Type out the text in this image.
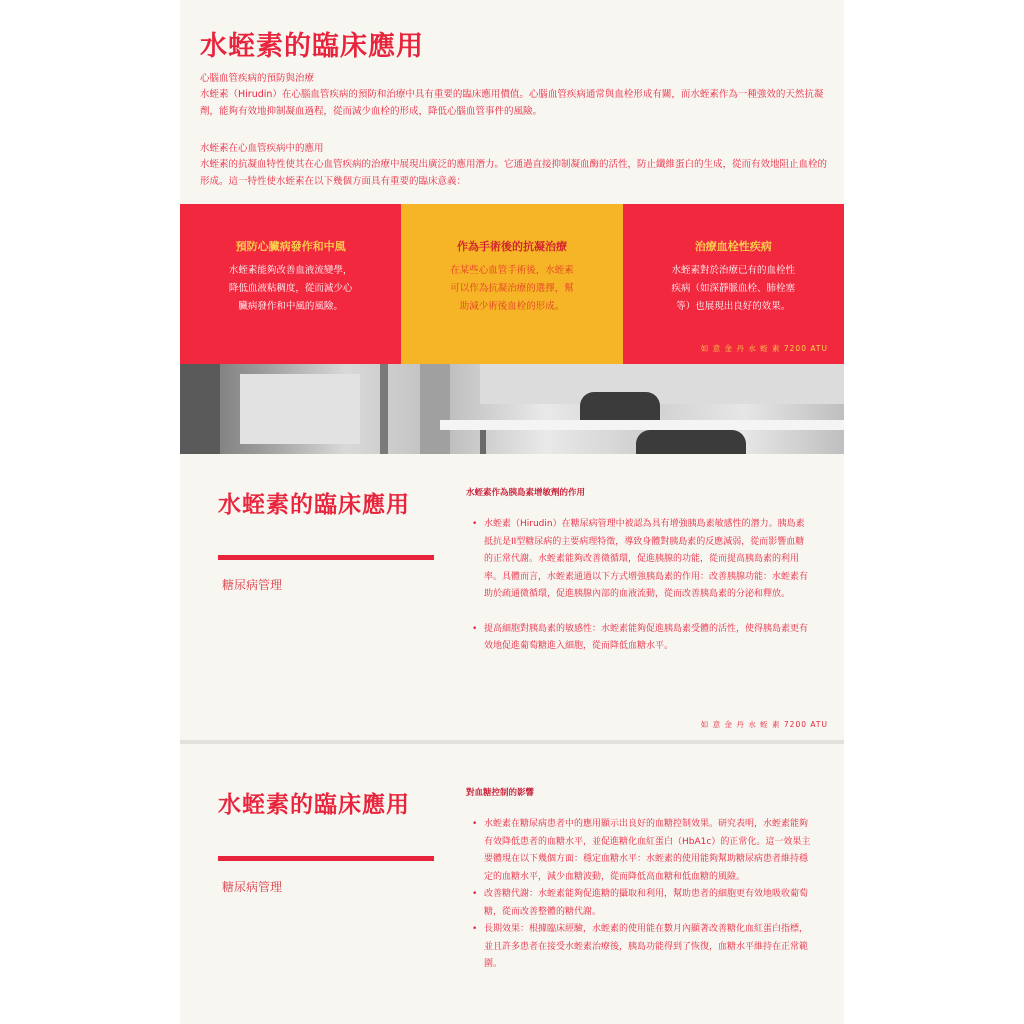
水蛭素的臨床應用
心腦血管疾病的預防與治療
水蛭素（Hirudin）在心腦血管疾病的預防和治療中具有重要的臨床應用價值。心腦血管疾病通常與血栓形成有關，而水蛭素作為一種強效的天然抗凝劑，能夠有效地抑制凝血過程，從而減少血栓的形成，降低心腦血管事件的風險。
水蛭素在心血管疾病中的應用
水蛭素的抗凝血特性使其在心血管疾病的治療中展現出廣泛的應用潛力。它通過直接抑制凝血酶的活性，防止纖維蛋白的生成，從而有效地阻止血栓的形成。這一特性使水蛭素在以下幾個方面具有重要的臨床意義：
預防心臟病發作和中風
水蛭素能夠改善血液流變學，降低血液粘稠度，從而減少心臟病發作和中風的風險。
作為手術後的抗凝治療
在某些心血管手術後，水蛭素可以作為抗凝治療的選擇，幫助減少術後血栓的形成。
治療血栓性疾病
水蛭素對於治療已有的血栓性疾病（如深靜脈血栓、肺栓塞等）也展現出良好的效果。
如 意 金 丹 水 蛭 素 7200 ATU
水蛭素的臨床應用
糖尿病管理
水蛭素作為胰島素增敏劑的作用
• 水蛭素（Hirudin）在糖尿病管理中被認為具有增強胰島素敏感性的潛力。胰島素抵抗是II型糖尿病的主要病理特徵，導致身體對胰島素的反應減弱，從而影響血糖的正常代謝。水蛭素能夠改善微循環，促進胰腺的功能，從而提高胰島素的利用率。具體而言，水蛭素通過以下方式增強胰島素的作用：改善胰腺功能：水蛭素有助於疏通微循環，促進胰腺內部的血液流動，從而改善胰島素的分泌和釋放。
• 提高細胞對胰島素的敏感性：水蛭素能夠促進胰島素受體的活性，使得胰島素更有效地促進葡萄糖進入細胞，從而降低血糖水平。
如 意 金 丹 水 蛭 素 7200 ATU
水蛭素的臨床應用
糖尿病管理
對血糖控制的影響
• 水蛭素在糖尿病患者中的應用顯示出良好的血糖控制效果。研究表明，水蛭素能夠有效降低患者的血糖水平，並促進糖化血紅蛋白（HbA1c）的正常化。這一效果主要體現在以下幾個方面：穩定血糖水平：水蛭素的使用能夠幫助糖尿病患者維持穩定的血糖水平，減少血糖波動，從而降低高血糖和低血糖的風險。
• 改善糖代謝：水蛭素能夠促進糖的攝取和利用，幫助患者的細胞更有效地吸收葡萄糖，從而改善整體的糖代謝。
• 長期效果：根據臨床經驗，水蛭素的使用能在數月內顯著改善糖化血紅蛋白指標，並且許多患者在接受水蛭素治療後，胰島功能得到了恢復，血糖水平維持在正常範圍。
